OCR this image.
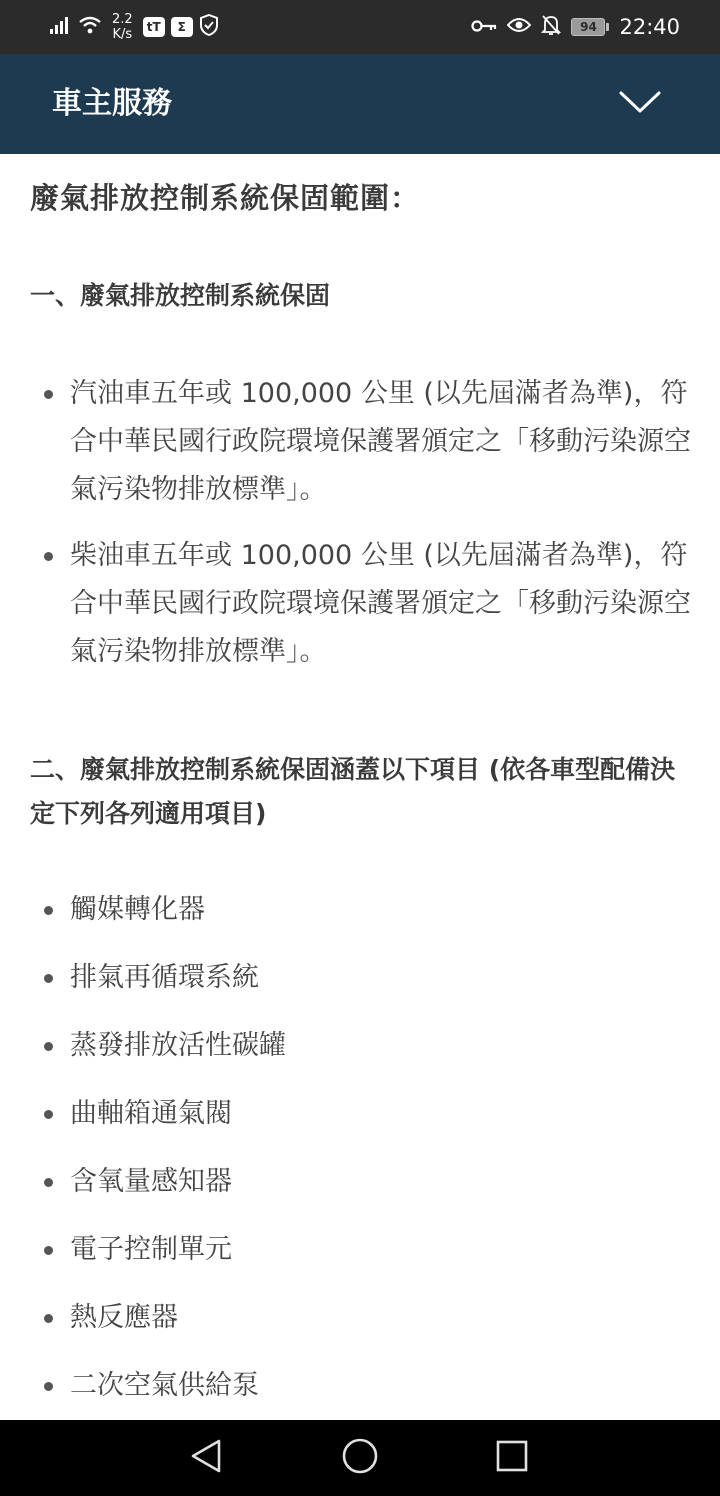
2.2
K/s	tT	Σ	94	22:40
車主服務
廢氣排放控制系統保固範圍：
一、廢氣排放控制系統保固
汽油車五年或 100,000 公里 (以先屆滿者為準)，符合中華民國行政院環境保護署頒定之「移動污染源空氣污染物排放標準」。
柴油車五年或 100,000 公里 (以先屆滿者為準)，符合中華民國行政院環境保護署頒定之「移動污染源空氣污染物排放標準」。
二、廢氣排放控制系統保固涵蓋以下項目 (依各車型配備決定下列各列適用項目)
觸媒轉化器
排氣再循環系統
蒸發排放活性碳罐
曲軸箱通氣閥
含氧量感知器
電子控制單元
熱反應器
二次空氣供給泵
